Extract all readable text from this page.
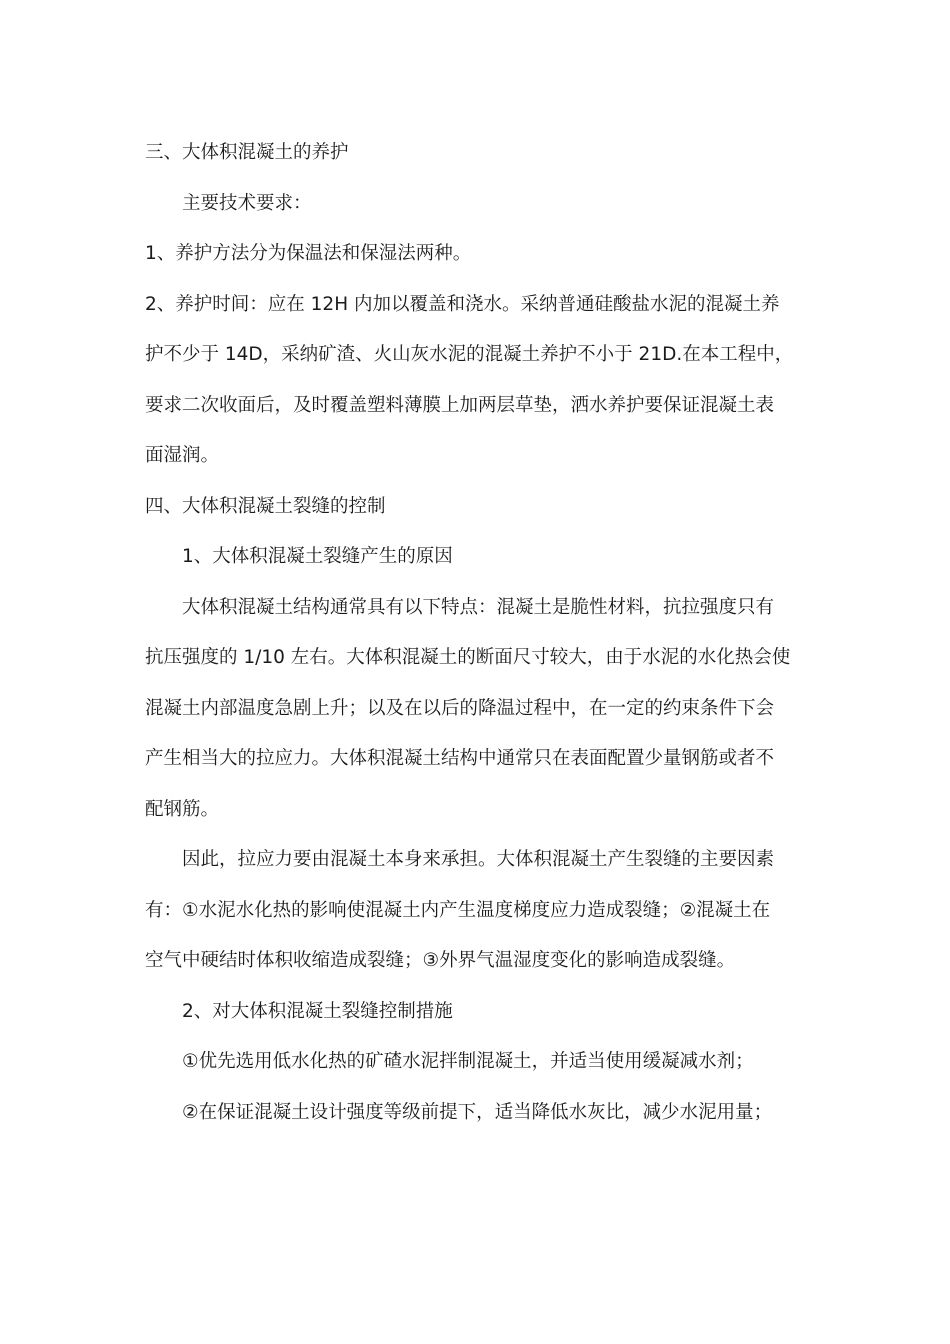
三、大体积混凝土的养护
主要技术要求：
1、养护方法分为保温法和保湿法两种。
2、养护时间：应在 12H 内加以覆盖和浇水。采纳普通硅酸盐水泥的混凝土养
护不少于 14D，采纳矿渣、火山灰水泥的混凝土养护不小于 21D.在本工程中，
要求二次收面后，及时覆盖塑料薄膜上加两层草垫，洒水养护要保证混凝土表
面湿润。
四、大体积混凝土裂缝的控制
1、大体积混凝土裂缝产生的原因
大体积混凝土结构通常具有以下特点：混凝土是脆性材料，抗拉强度只有
抗压强度的 1/10 左右。大体积混凝土的断面尺寸较大，由于水泥的水化热会使
混凝土内部温度急剧上升；以及在以后的降温过程中，在一定的约束条件下会
产生相当大的拉应力。大体积混凝土结构中通常只在表面配置少量钢筋或者不
配钢筋。
因此，拉应力要由混凝土本身来承担。大体积混凝土产生裂缝的主要因素
有：①水泥水化热的影响使混凝土内产生温度梯度应力造成裂缝；②混凝土在
空气中硬结时体积收缩造成裂缝；③外界气温湿度变化的影响造成裂缝。
2、对大体积混凝土裂缝控制措施
①优先选用低水化热的矿碴水泥拌制混凝土，并适当使用缓凝减水剂；
②在保证混凝土设计强度等级前提下，适当降低水灰比，减少水泥用量；
